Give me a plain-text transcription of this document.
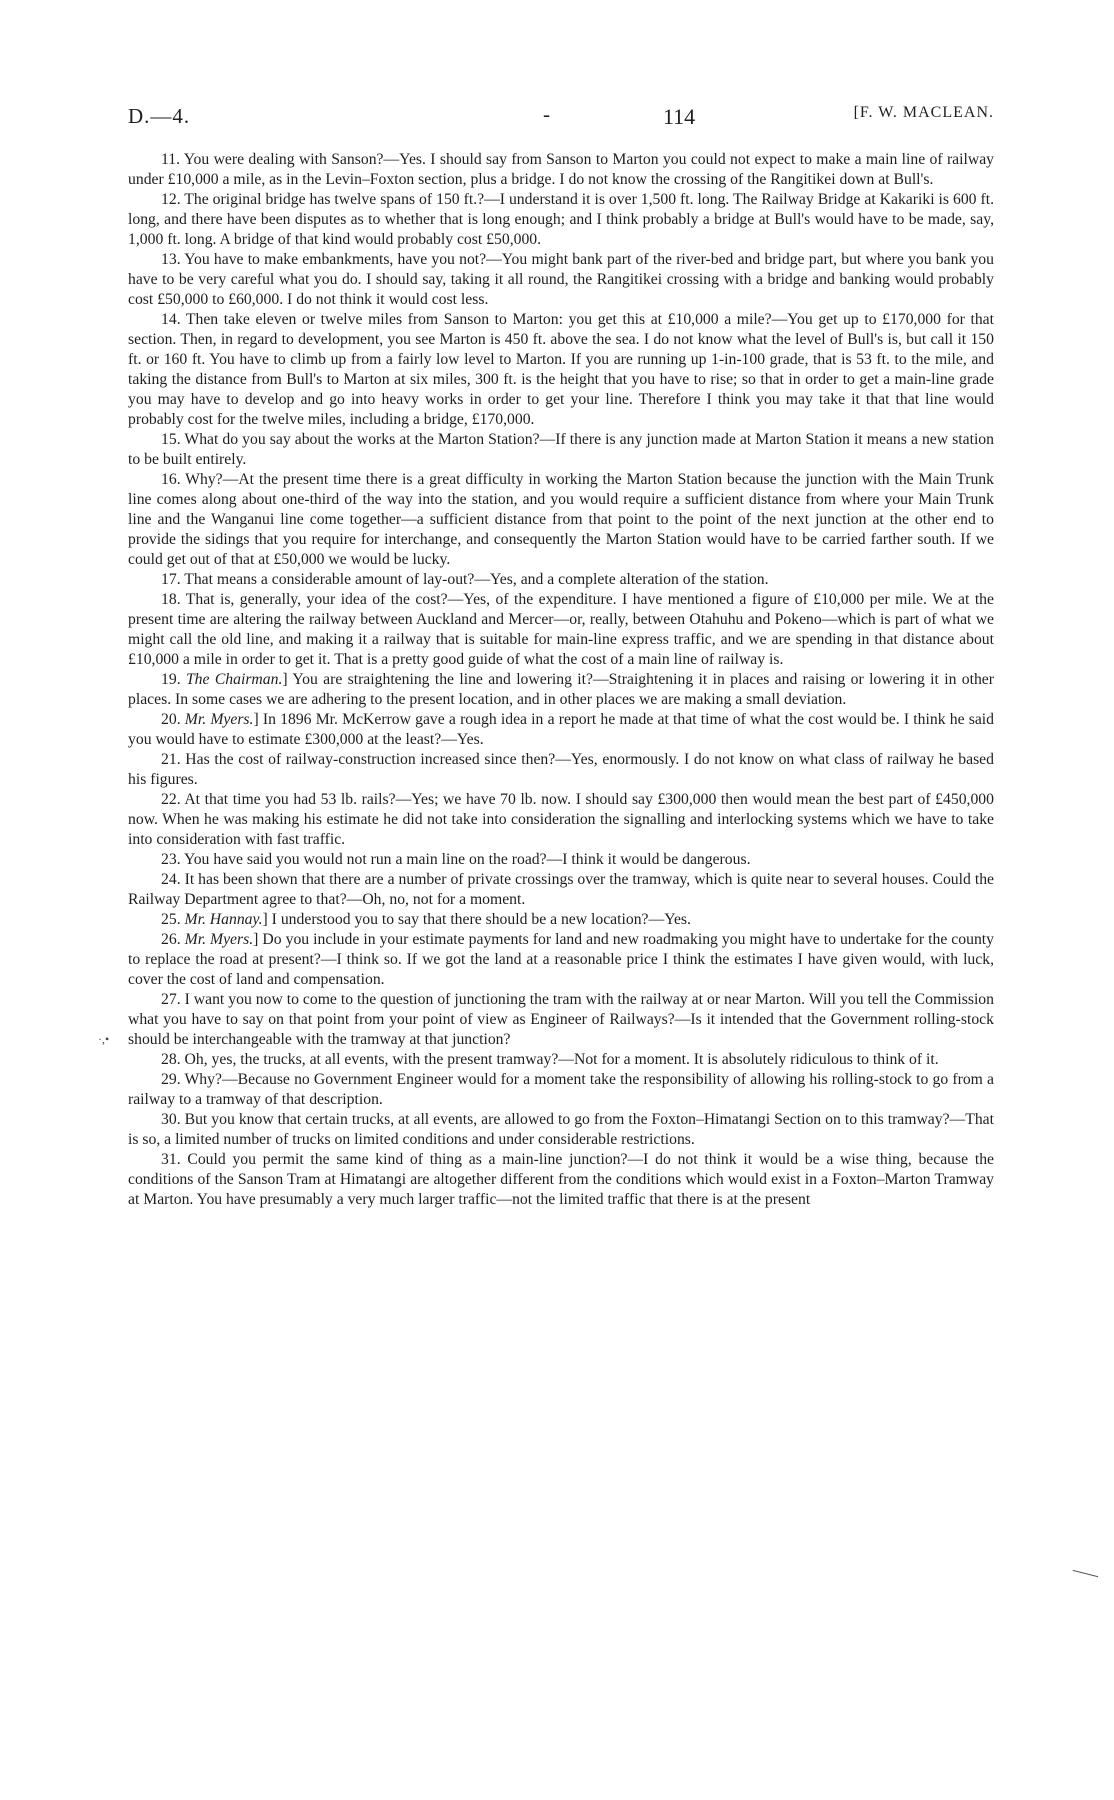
D.—4.	-	114	[F. W. MACLEAN.
·,•

11. You were dealing with Sanson?—Yes. I should say from Sanson to Marton you could not expect to make a main line of railway under £10,000 a mile, as in the Levin–Foxton section, plus a bridge. I do not know the crossing of the Rangitikei down at Bull's.

12. The original bridge has twelve spans of 150 ft.?—I understand it is over 1,500 ft. long. The Railway Bridge at Kakariki is 600 ft. long, and there have been disputes as to whether that is long enough; and I think probably a bridge at Bull's would have to be made, say, 1,000 ft. long. A bridge of that kind would probably cost £50,000.

13. You have to make embankments, have you not?—You might bank part of the river-bed and bridge part, but where you bank you have to be very careful what you do. I should say, taking it all round, the Rangitikei crossing with a bridge and banking would probably cost £50,000 to £60,000. I do not think it would cost less.

14. Then take eleven or twelve miles from Sanson to Marton: you get this at £10,000 a mile?—You get up to £170,000 for that section. Then, in regard to development, you see Marton is 450 ft. above the sea. I do not know what the level of Bull's is, but call it 150 ft. or 160 ft. You have to climb up from a fairly low level to Marton. If you are running up 1-in-100 grade, that is 53 ft. to the mile, and taking the distance from Bull's to Marton at six miles, 300 ft. is the height that you have to rise; so that in order to get a main-line grade you may have to develop and go into heavy works in order to get your line. Therefore I think you may take it that that line would probably cost for the twelve miles, including a bridge, £170,000.

15. What do you say about the works at the Marton Station?—If there is any junction made at Marton Station it means a new station to be built entirely.

16. Why?—At the present time there is a great difficulty in working the Marton Station because the junction with the Main Trunk line comes along about one-third of the way into the station, and you would require a sufficient distance from where your Main Trunk line and the Wanganui line come together—a sufficient distance from that point to the point of the next junction at the other end to provide the sidings that you require for interchange, and consequently the Marton Station would have to be carried farther south. If we could get out of that at £50,000 we would be lucky.

17. That means a considerable amount of lay-out?—Yes, and a complete alteration of the station.

18. That is, generally, your idea of the cost?—Yes, of the expenditure. I have mentioned a figure of £10,000 per mile. We at the present time are altering the railway between Auckland and Mercer—or, really, between Otahuhu and Pokeno—which is part of what we might call the old line, and making it a railway that is suitable for main-line express traffic, and we are spending in that distance about £10,000 a mile in order to get it. That is a pretty good guide of what the cost of a main line of railway is.

19. The Chairman.] You are straightening the line and lowering it?—Straightening it in places and raising or lowering it in other places. In some cases we are adhering to the present location, and in other places we are making a small deviation.

20. Mr. Myers.] In 1896 Mr. McKerrow gave a rough idea in a report he made at that time of what the cost would be. I think he said you would have to estimate £300,000 at the least?—Yes.

21. Has the cost of railway-construction increased since then?—Yes, enormously. I do not know on what class of railway he based his figures.

22. At that time you had 53 lb. rails?—Yes; we have 70 lb. now. I should say £300,000 then would mean the best part of £450,000 now. When he was making his estimate he did not take into consideration the signalling and interlocking systems which we have to take into consideration with fast traffic.

23. You have said you would not run a main line on the road?—I think it would be dangerous.

24. It has been shown that there are a number of private crossings over the tramway, which is quite near to several houses. Could the Railway Department agree to that?—Oh, no, not for a moment.

25. Mr. Hannay.] I understood you to say that there should be a new location?—Yes.

26. Mr. Myers.] Do you include in your estimate payments for land and new roadmaking you might have to undertake for the county to replace the road at present?—I think so. If we got the land at a reasonable price I think the estimates I have given would, with luck, cover the cost of land and compensation.

27. I want you now to come to the question of junctioning the tram with the railway at or near Marton. Will you tell the Commission what you have to say on that point from your point of view as Engineer of Railways?—Is it intended that the Government rolling-stock should be interchangeable with the tramway at that junction?

28. Oh, yes, the trucks, at all events, with the present tramway?—Not for a moment. It is absolutely ridiculous to think of it.

29. Why?—Because no Government Engineer would for a moment take the responsibility of allowing his rolling-stock to go from a railway to a tramway of that description.

30. But you know that certain trucks, at all events, are allowed to go from the Foxton–Himatangi Section on to this tramway?—That is so, a limited number of trucks on limited conditions and under considerable restrictions.

31. Could you permit the same kind of thing as a main-line junction?—I do not think it would be a wise thing, because the conditions of the Sanson Tram at Himatangi are altogether different from the conditions which would exist in a Foxton–Marton Tramway at Marton. You have presumably a very much larger traffic—not the limited traffic that there is at the present
